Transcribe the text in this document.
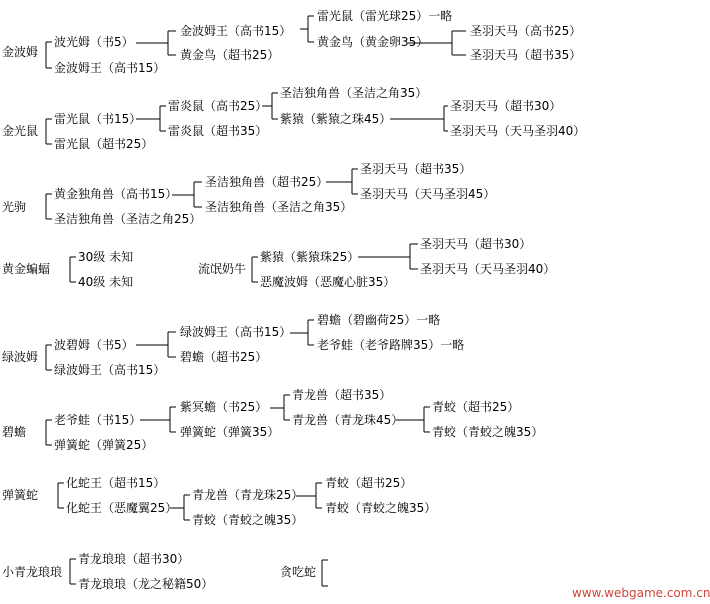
金波姆
波光姆（书5）
金波姆王（高书15）
金波姆王（高书15）
黄金鸟（超书25）
雷光鼠（雷光球25）一略
黄金鸟（黄金卵35）
圣羽天马（高书25）
圣羽天马（超书35）
金光鼠
雷光鼠（书15）
雷光鼠（超书25）
雷炎鼠（高书25）
雷炎鼠（超书35）
圣洁独角兽（圣洁之角35）
紫猿（紫猿之珠45）
圣羽天马（超书30）
圣羽天马（天马圣羽40）
光驹
黄金独角兽（高书15）
圣洁独角兽（圣洁之角25）
圣洁独角兽（超书25）
圣洁独角兽（圣洁之角35）
圣羽天马（超书35）
圣羽天马（天马圣羽45）
黄金蝙蝠
30级 未知
40级 未知
流氓奶牛
紫猿（紫猿珠25）
恶魔波姆（恶魔心脏35）
圣羽天马（超书30）
圣羽天马（天马圣羽40）
绿波姆
波碧姆（书5）
绿波姆王（高书15）
绿波姆王（高书15）
碧蟾（超书25）
碧蟾（碧幽荷25）一略
老爷蛙（老爷路牌35）一略
碧蟾
老爷蛙（书15）
弹簧蛇（弹簧25）
紫冥蟾（书25）
弹簧蛇（弹簧35）
青龙兽（超书35）
青龙兽（青龙珠45）
青蛟（超书25）
青蛟（青蛟之魄35）
弹簧蛇
化蛇王（超书15）
化蛇王（恶魔翼25）
青龙兽（青龙珠25）
青蛟（青蛟之魄35）
青蛟（超书25）
青蛟（青蛟之魄35）
小青龙琅琅
青龙琅琅（超书30）
青龙琅琅（龙之秘籍50）
贪吃蛇
www.webgame.com.cn
